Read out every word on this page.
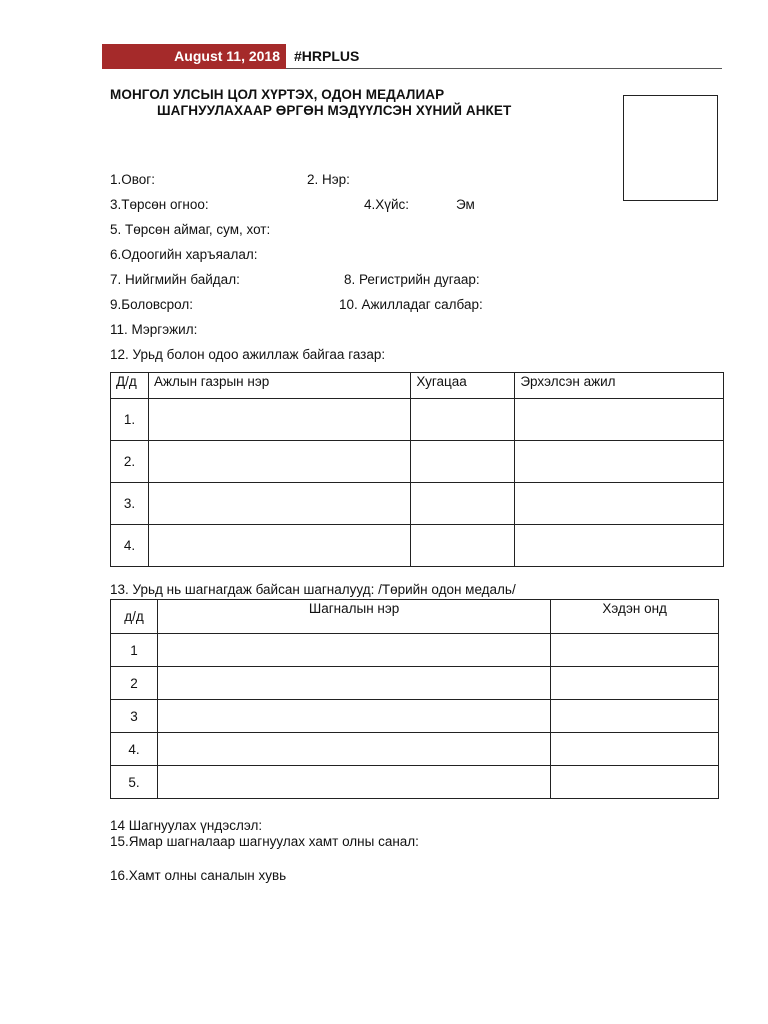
August 11, 2018	#HRPLUS
МОНГОЛ УЛСЫН ЦОЛ ХҮРТЭХ, ОДОН МЕДАЛИАР
ШАГНУУЛАХААР ӨРГӨН МЭДҮҮЛСЭН ХҮНИЙ АНКЕТ
1.Овог:	2. Нэр:
3.Төрсөн огноо:	4.Хүйс:	Эм
5. Төрсөн аймаг, сум, хот:
6.Одоогийн харъяалал:
7. Нийгмийн байдал:	8. Регистрийн дугаар:
9.Боловсрол:	10. Ажилладаг салбар:
11. Мэргэжил:
12. Урьд болон одоо ажиллаж байгаа газар:
Д/д	Ажлын газрын нэр	Хугацаа	Эрхэлсэн ажил
1.			
2.			
3.			
4.			
13. Урьд нь шагнагдаж байсан шагналууд: /Төрийн одон медаль/
д/д	Шагналын нэр	Хэдэн онд
1		
2		
3		
4.		
5.		
14 Шагнуулах үндэслэл:
15.Ямар шагналаар шагнуулах хамт олны санал:
16.Хамт олны саналын хувь
